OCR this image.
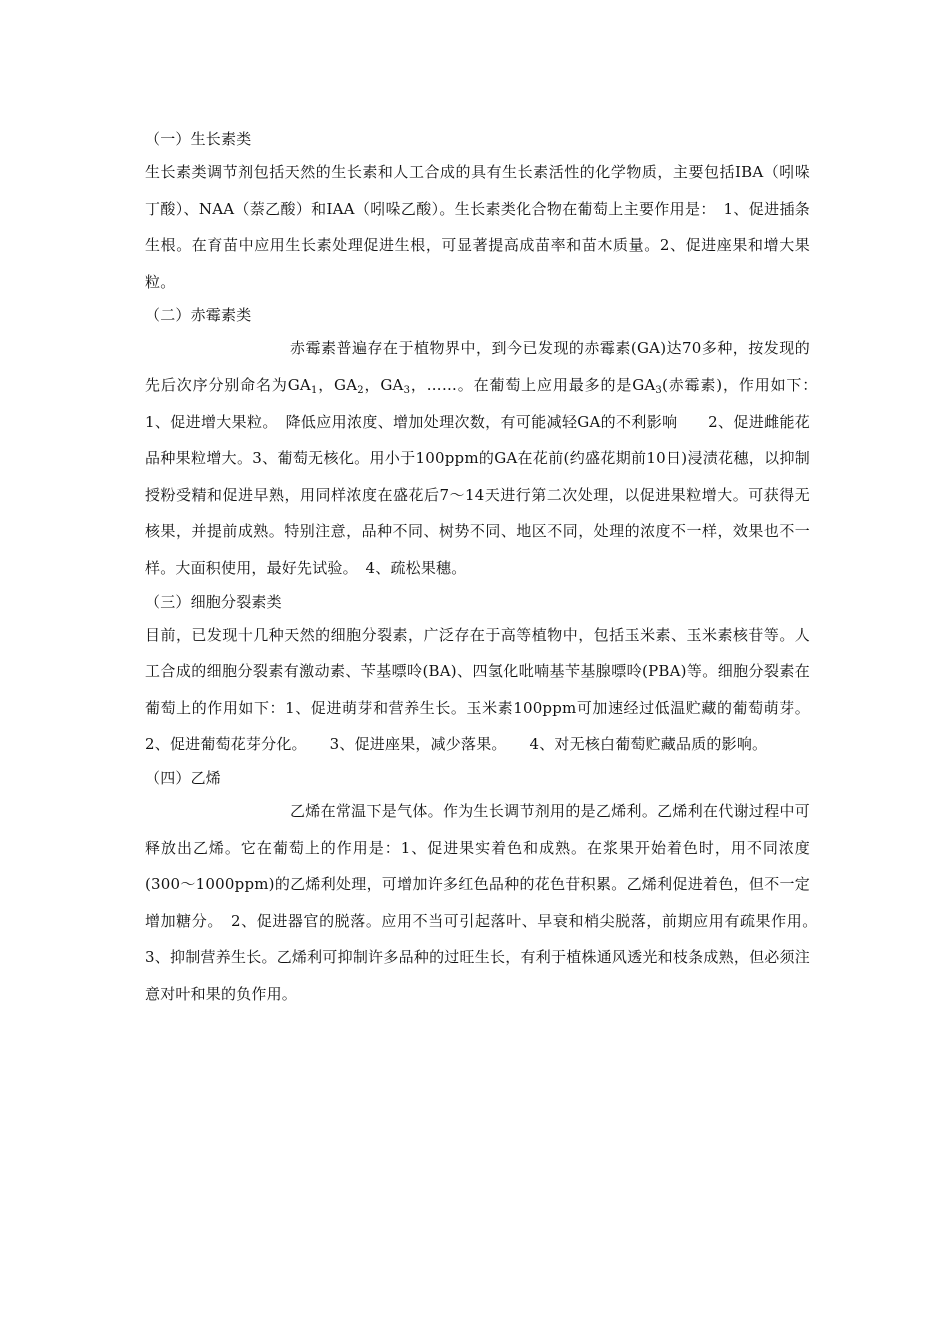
（一）生长素类

生长素类调节剂包括天然的生长素和人工合成的具有生长素活性的化学物质，主要包括IBA（吲哚丁酸）、NAA（萘乙酸）和IAA（吲哚乙酸）。生长素类化合物在葡萄上主要作用是：　1、促进插条生根。在育苗中应用生长素处理促进生根，可显著提高成苗率和苗木质量。2、促进座果和增大果粒。

（二）赤霉素类

赤霉素普遍存在于植物界中，到今已发现的赤霉素(GA)达70多种，按发现的先后次序分别命名为$GA_1$，$GA_2$，$GA_3$，……。在葡萄上应用最多的是$GA_3$(赤霉素)，作用如下：　1、促进增大果粒。　降低应用浓度、增加处理次数，有可能减轻GA的不利影响　　2、促进雌能花品种果粒增大。3、葡萄无核化。用小于100ppm的GA在花前(约盛花期前10日)浸渍花穗，以抑制授粉受精和促进早熟，用同样浓度在盛花后7～14天进行第二次处理，以促进果粒增大。可获得无核果，并提前成熟。特别注意，品种不同、树势不同、地区不同，处理的浓度不一样，效果也不一样。大面积使用，最好先试验。　4、疏松果穗。

（三）细胞分裂素类

目前，已发现十几种天然的细胞分裂素，广泛存在于高等植物中，包括玉米素、玉米素核苷等。人工合成的细胞分裂素有激动素、苄基嘌呤(BA)、四氢化吡喃基苄基腺嘌呤(PBA)等。细胞分裂素在葡萄上的作用如下：1、促进萌芽和营养生长。玉米素100ppm可加速经过低温贮藏的葡萄萌芽。2、促进葡萄花芽分化。　　3、促进座果，减少落果。　　4、对无核白葡萄贮藏品质的影响。

（四）乙烯

乙烯在常温下是气体。作为生长调节剂用的是乙烯利。乙烯利在代谢过程中可释放出乙烯。它在葡萄上的作用是：1、促进果实着色和成熟。在浆果开始着色时，用不同浓度(300～1000ppm)的乙烯利处理，可增加许多红色品种的花色苷积累。乙烯利促进着色，但不一定增加糖分。　2、促进器官的脱落。应用不当可引起落叶、早衰和梢尖脱落，前期应用有疏果作用。　3、抑制营养生长。乙烯利可抑制许多品种的过旺生长，有利于植株通风透光和枝条成熟，但必须注意对叶和果的负作用。
